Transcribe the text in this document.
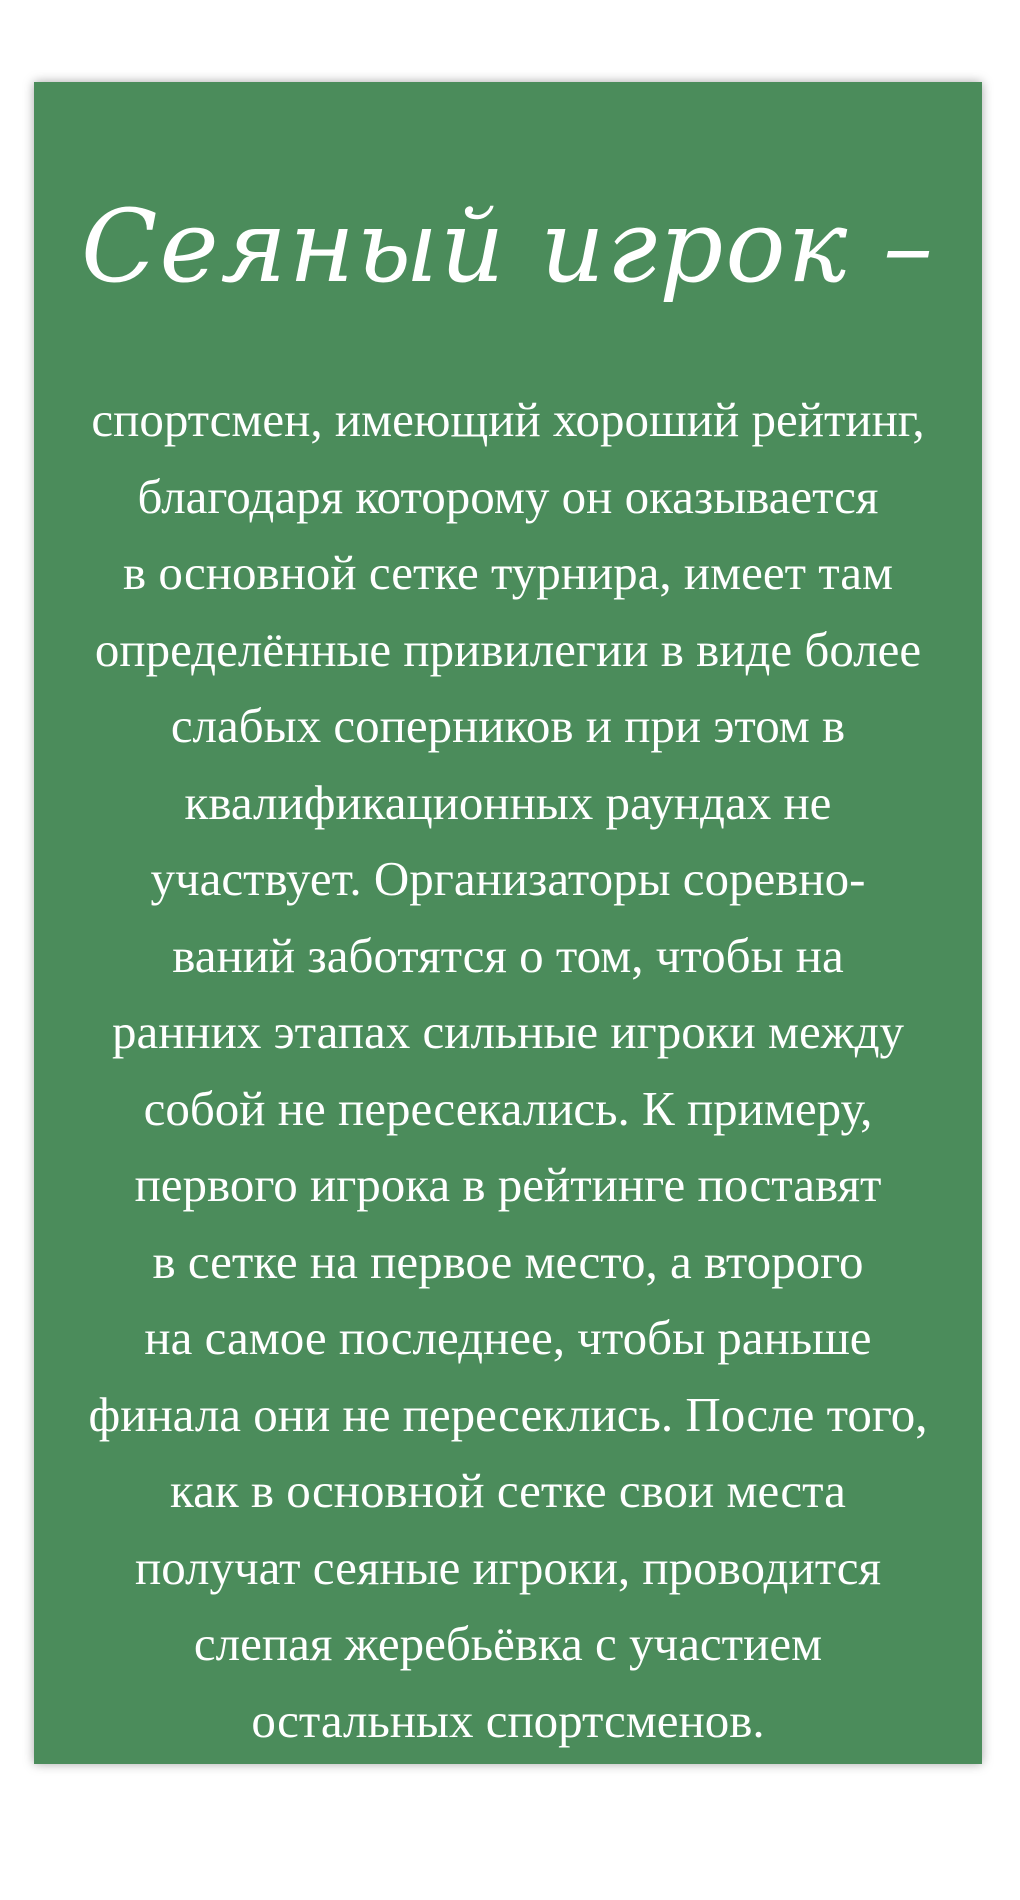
Сеяный игрок –

спортсмен, имеющий хороший рейтинг,
благодаря которому он оказывается
в основной сетке турнира, имеет там
определённые привилегии в виде более
слабых соперников и при этом в
квалификационных раундах не
участвует. Организаторы соревно-
ваний заботятся о том, чтобы на
ранних этапах сильные игроки между
собой не пересекались. К примеру,
первого игрока в рейтинге поставят
в сетке на первое место, а второго
на самое последнее, чтобы раньше
финала они не пересеклись. После того,
как в основной сетке свои места
получат сеяные игроки, проводится
слепая жеребьёвка с участием
остальных спортсменов.
